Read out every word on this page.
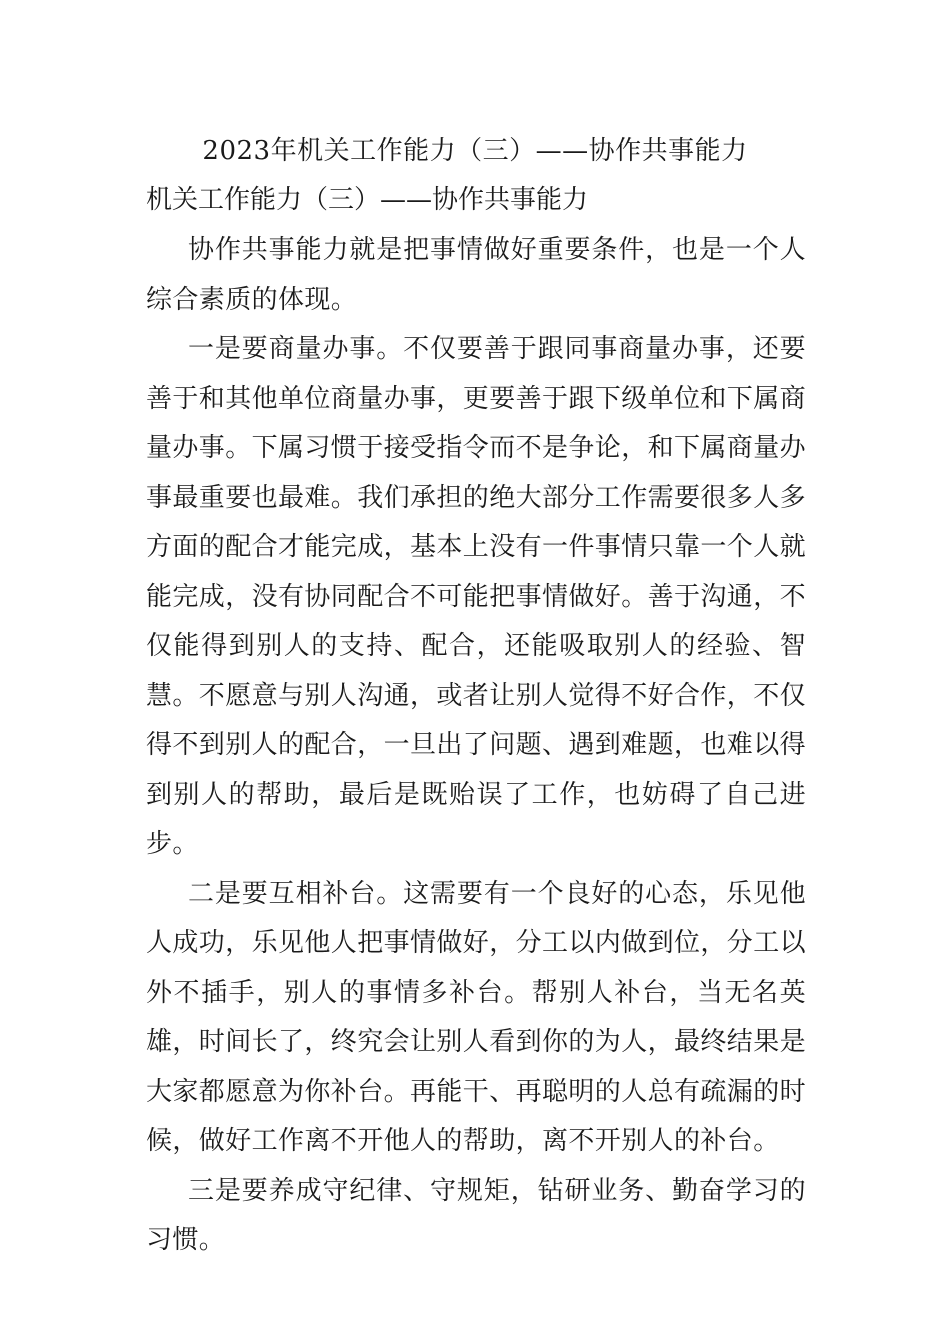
2023年机关工作能力（三）——协作共事能力
机关工作能力（三）——协作共事能力

协作共事能力就是把事情做好重要条件，也是一个人综合素质的体现。

一是要商量办事。不仅要善于跟同事商量办事，还要善于和其他单位商量办事，更要善于跟下级单位和下属商量办事。下属习惯于接受指令而不是争论，和下属商量办事最重要也最难。我们承担的绝大部分工作需要很多人多方面的配合才能完成，基本上没有一件事情只靠一个人就能完成，没有协同配合不可能把事情做好。善于沟通，不仅能得到别人的支持、配合，还能吸取别人的经验、智慧。不愿意与别人沟通，或者让别人觉得不好合作，不仅得不到别人的配合，一旦出了问题、遇到难题，也难以得到别人的帮助，最后是既贻误了工作，也妨碍了自己进步。

二是要互相补台。这需要有一个良好的心态，乐见他人成功，乐见他人把事情做好，分工以内做到位，分工以外不插手，别人的事情多补台。帮别人补台，当无名英雄，时间长了，终究会让别人看到你的为人，最终结果是大家都愿意为你补台。再能干、再聪明的人总有疏漏的时候，做好工作离不开他人的帮助，离不开别人的补台。

三是要养成守纪律、守规矩，钻研业务、勤奋学习的习惯。
